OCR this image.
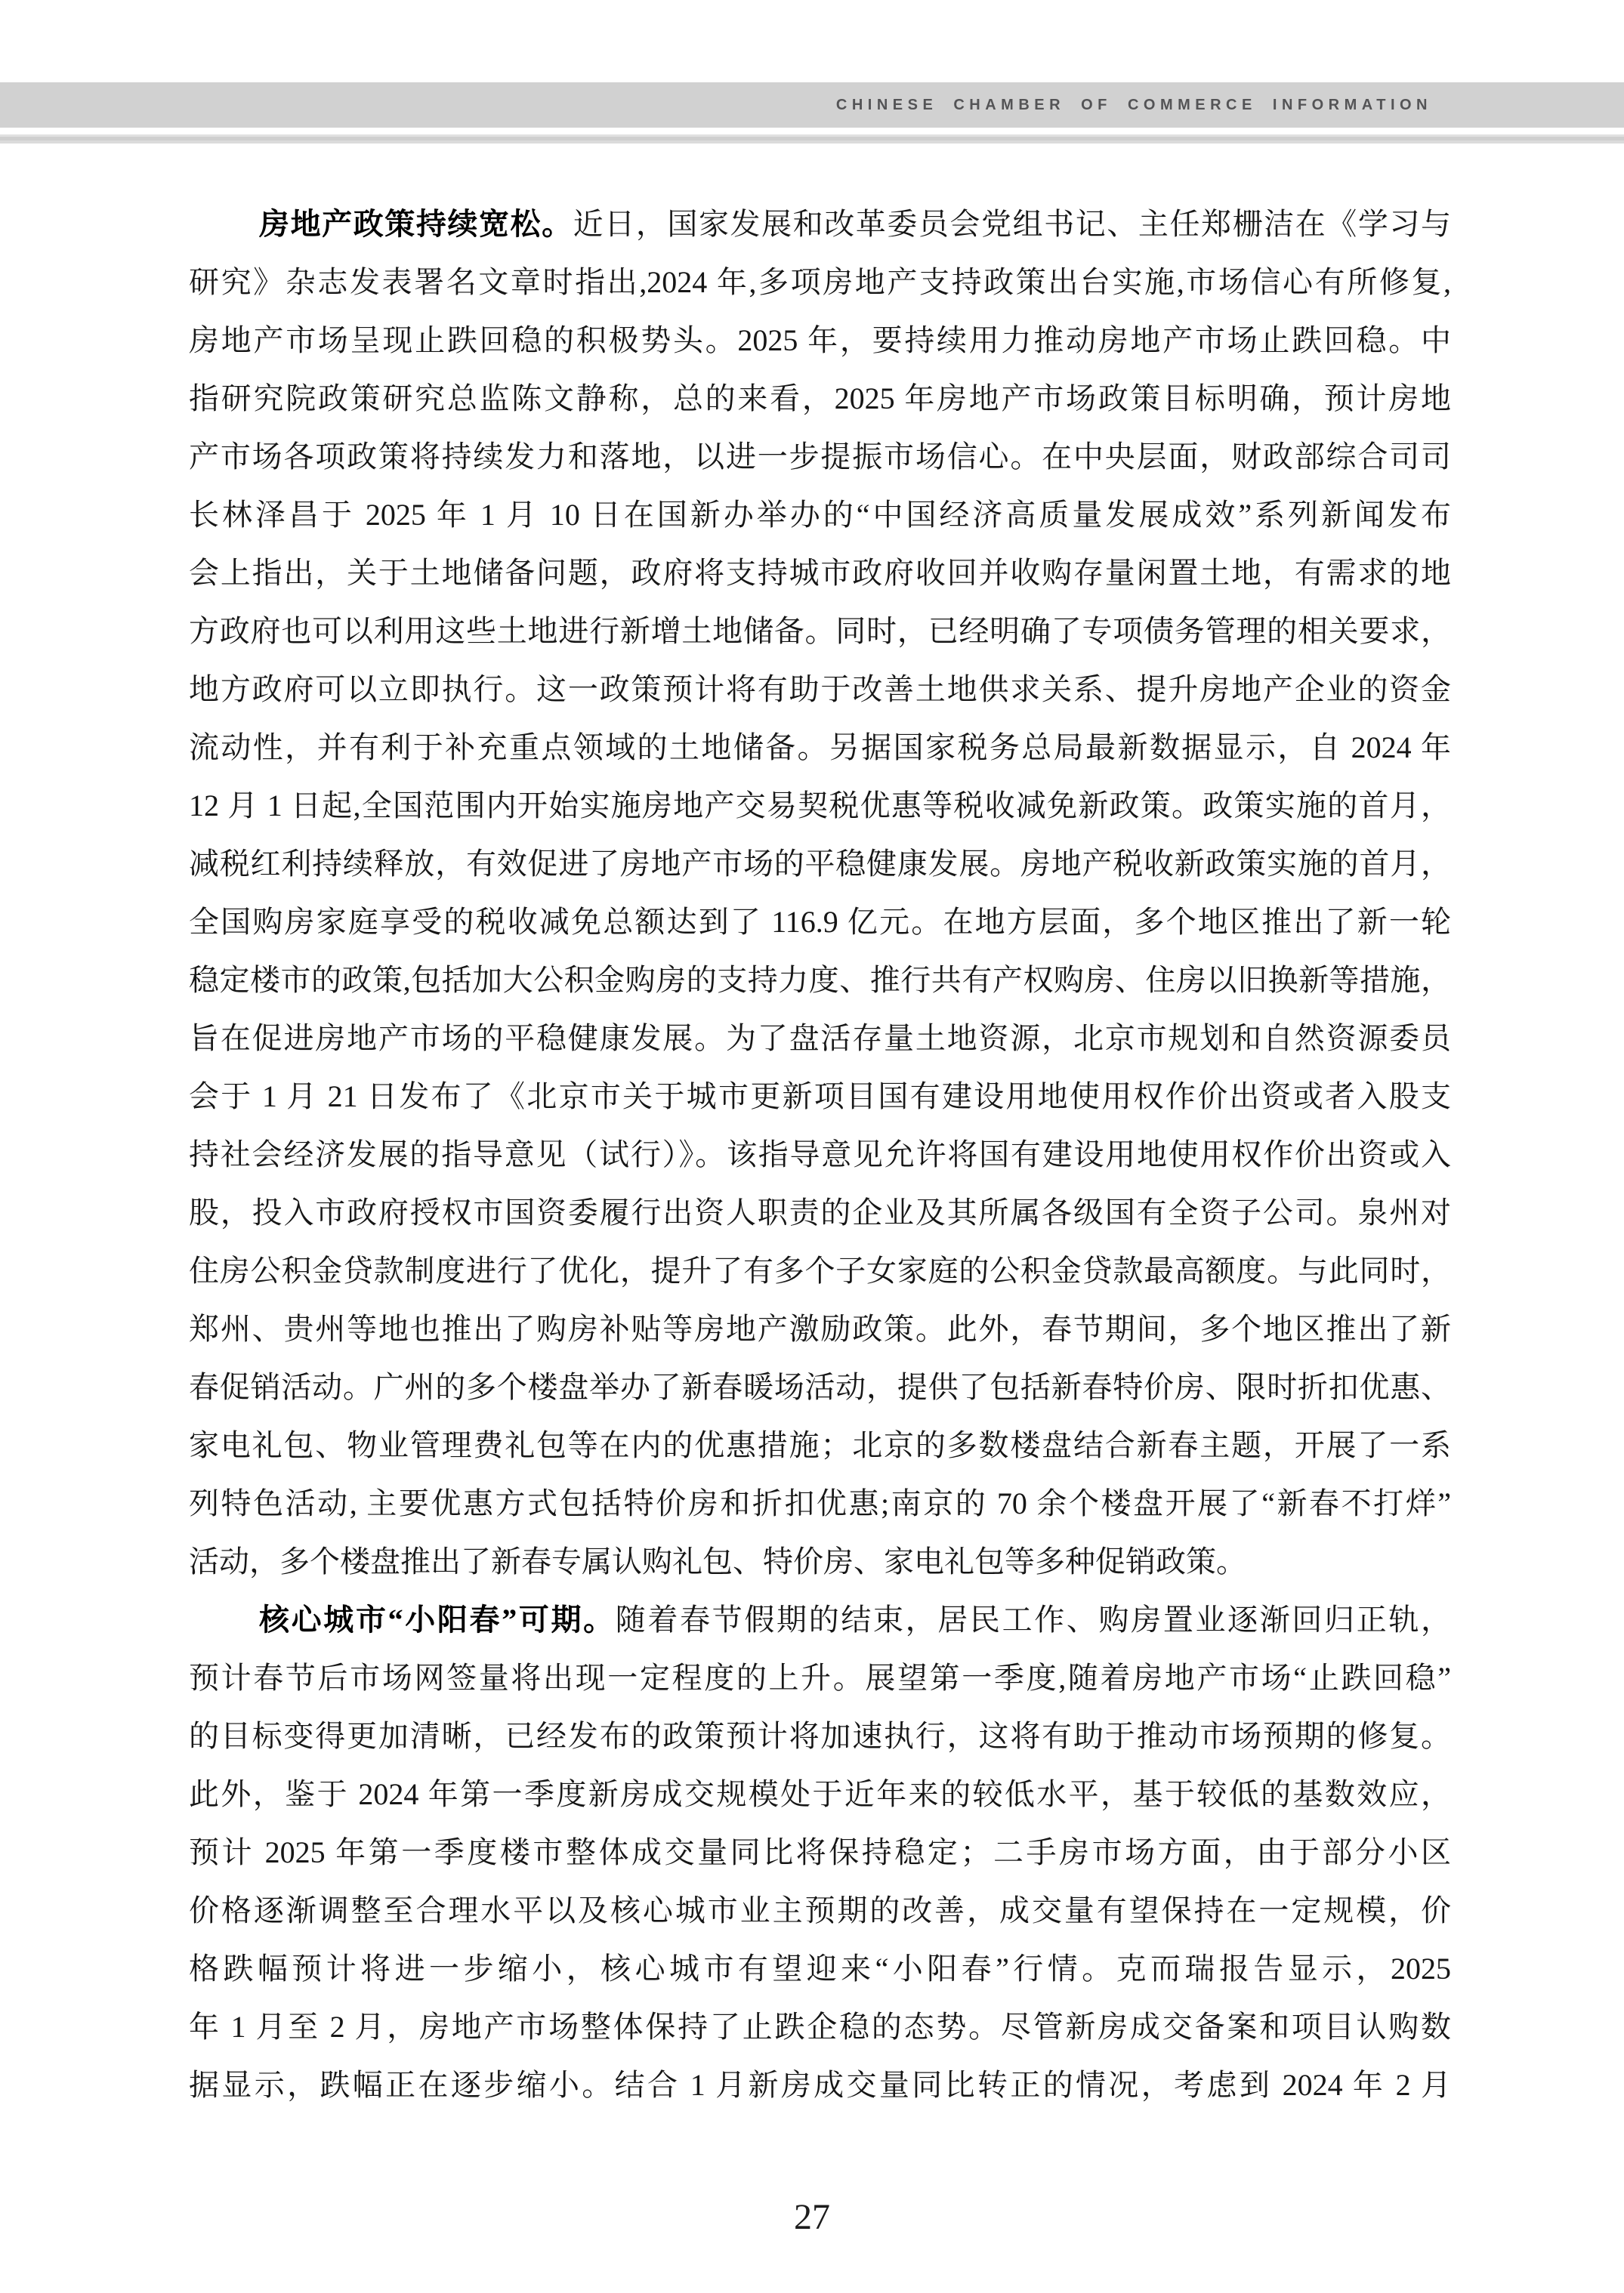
CHINESE CHAMBER OF COMMERCE INFORMATION
房地产政策持续宽松。近日，国家发展和改革委员会党组书记、主任郑栅洁在《学习与
研究》杂志发表署名文章时指出,2024 年,多项房地产支持政策出台实施,市场信心有所修复,
房地产市场呈现止跌回稳的积极势头。2025 年，要持续用力推动房地产市场止跌回稳。中
指研究院政策研究总监陈文静称，总的来看，2025 年房地产市场政策目标明确，预计房地
产市场各项政策将持续发力和落地，以进一步提振市场信心。在中央层面，财政部综合司司
长林泽昌于 2025 年 1 月 10 日在国新办举办的“中国经济高质量发展成效”系列新闻发布
会上指出，关于土地储备问题，政府将支持城市政府收回并收购存量闲置土地，有需求的地
方政府也可以利用这些土地进行新增土地储备。同时，已经明确了专项债务管理的相关要求，
地方政府可以立即执行。这一政策预计将有助于改善土地供求关系、提升房地产企业的资金
流动性，并有利于补充重点领域的土地储备。另据国家税务总局最新数据显示，自 2024 年
12 月 1 日起,全国范围内开始实施房地产交易契税优惠等税收减免新政策。政策实施的首月，
减税红利持续释放，有效促进了房地产市场的平稳健康发展。房地产税收新政策实施的首月，
全国购房家庭享受的税收减免总额达到了 116.9 亿元。在地方层面，多个地区推出了新一轮
稳定楼市的政策,包括加大公积金购房的支持力度、推行共有产权购房、住房以旧换新等措施，
旨在促进房地产市场的平稳健康发展。为了盘活存量土地资源，北京市规划和自然资源委员
会于 1 月 21 日发布了《北京市关于城市更新项目国有建设用地使用权作价出资或者入股支
持社会经济发展的指导意见（试行）》。该指导意见允许将国有建设用地使用权作价出资或入
股，投入市政府授权市国资委履行出资人职责的企业及其所属各级国有全资子公司。泉州对
住房公积金贷款制度进行了优化，提升了有多个子女家庭的公积金贷款最高额度。与此同时，
郑州、贵州等地也推出了购房补贴等房地产激励政策。此外，春节期间，多个地区推出了新
春促销活动。广州的多个楼盘举办了新春暖场活动，提供了包括新春特价房、限时折扣优惠、
家电礼包、物业管理费礼包等在内的优惠措施；北京的多数楼盘结合新春主题，开展了一系
列特色活动, 主要优惠方式包括特价房和折扣优惠;南京的 70 余个楼盘开展了“新春不打烊”
活动，多个楼盘推出了新春专属认购礼包、特价房、家电礼包等多种促销政策。
核心城市“小阳春”可期。随着春节假期的结束，居民工作、购房置业逐渐回归正轨，
预计春节后市场网签量将出现一定程度的上升。展望第一季度,随着房地产市场“止跌回稳”
的目标变得更加清晰，已经发布的政策预计将加速执行，这将有助于推动市场预期的修复。
此外，鉴于 2024 年第一季度新房成交规模处于近年来的较低水平，基于较低的基数效应，
预计 2025 年第一季度楼市整体成交量同比将保持稳定；二手房市场方面，由于部分小区
价格逐渐调整至合理水平以及核心城市业主预期的改善，成交量有望保持在一定规模，价
格跌幅预计将进一步缩小，核心城市有望迎来“小阳春”行情。克而瑞报告显示，2025
年 1 月至 2 月，房地产市场整体保持了止跌企稳的态势。尽管新房成交备案和项目认购数
据显示，跌幅正在逐步缩小。结合 1 月新房成交量同比转正的情况，考虑到 2024 年 2 月
27
